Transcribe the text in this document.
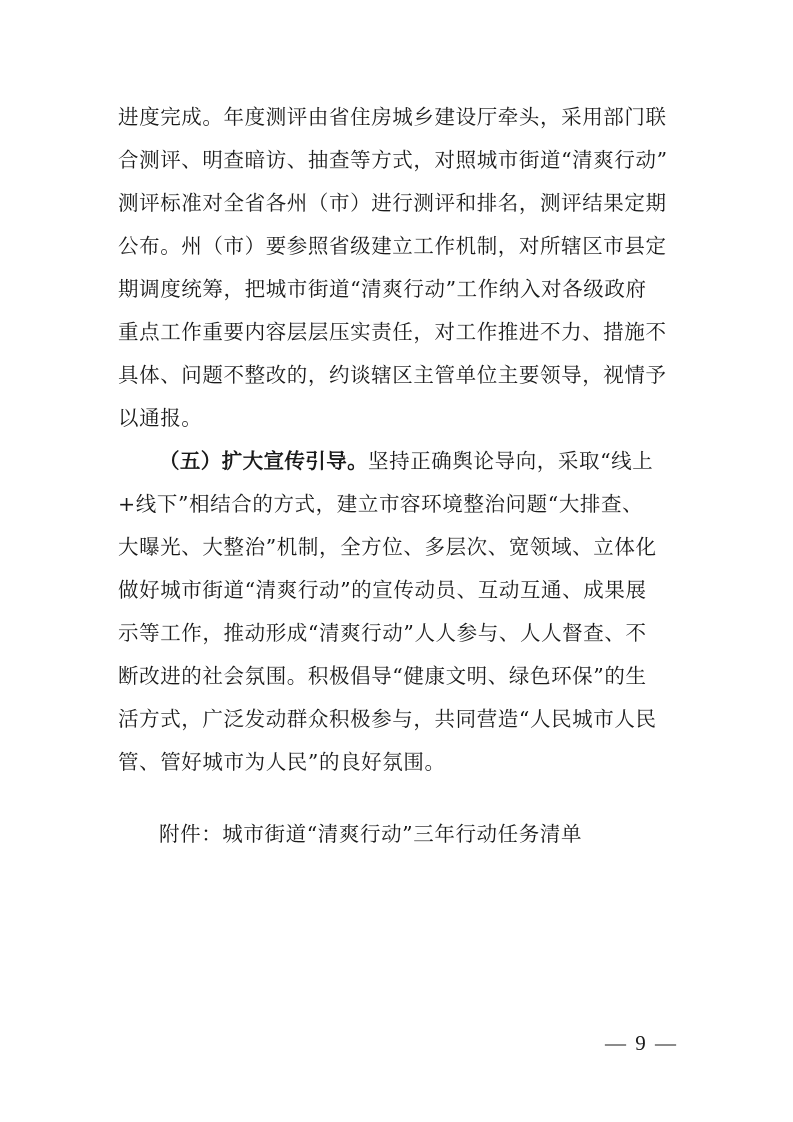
进度完成。年度测评由省住房城乡建设厅牵头，采用部门联
合测评、明查暗访、抽查等方式，对照城市街道“清爽行动”
测评标准对全省各州（市）进行测评和排名，测评结果定期
公布。州（市）要参照省级建立工作机制，对所辖区市县定
期调度统筹，把城市街道“清爽行动”工作纳入对各级政府
重点工作重要内容层层压实责任，对工作推进不力、措施不
具体、问题不整改的，约谈辖区主管单位主要领导，视情予
以通报。
（五）扩大宣传引导。坚持正确舆论导向，采取“线上
+线下”相结合的方式，建立市容环境整治问题“大排查、
大曝光、大整治”机制，全方位、多层次、宽领域、立体化
做好城市街道“清爽行动”的宣传动员、互动互通、成果展
示等工作，推动形成“清爽行动”人人参与、人人督查、不
断改进的社会氛围。积极倡导“健康文明、绿色环保”的生
活方式，广泛发动群众积极参与，共同营造“人民城市人民
附件：城市街道“清爽行动”三年行动任务清单
— 9 —
管、管好城市为人民”的良好氛围。
